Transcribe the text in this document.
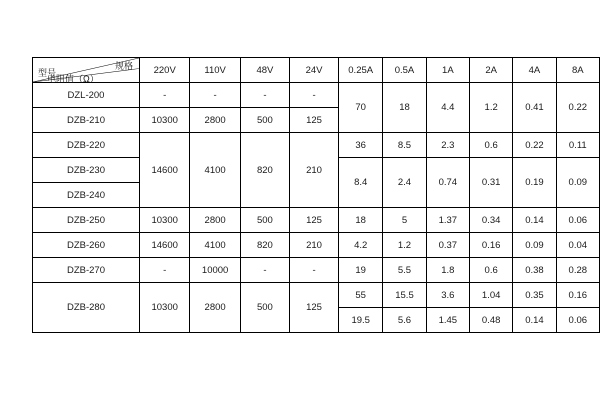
规格
电阻值（Ω）
型号	220V	110V	48V	24V	0.25A	0.5A	1A	2A	4A	8A
DZL-200	-	-	-	-	70	18	4.4	1.2	0.41	0.22
DZB-210	10300	2800	500	125						
DZB-220	14600	4100	820	210	36	8.5	2.3	0.6	0.22	0.11
DZB-230					8.4	2.4	0.74	0.31	0.19	0.09
DZB-240										
DZB-250	10300	2800	500	125	18	5	1.37	0.34	0.14	0.06
DZB-260	14600	4100	820	210	4.2	1.2	0.37	0.16	0.09	0.04
DZB-270	-	10000	-	-	19	5.5	1.8	0.6	0.38	0.28
DZB-280	10300	2800	500	125	55	15.5	3.6	1.04	0.35	0.16
					19.5	5.6	1.45	0.48	0.14	0.06
